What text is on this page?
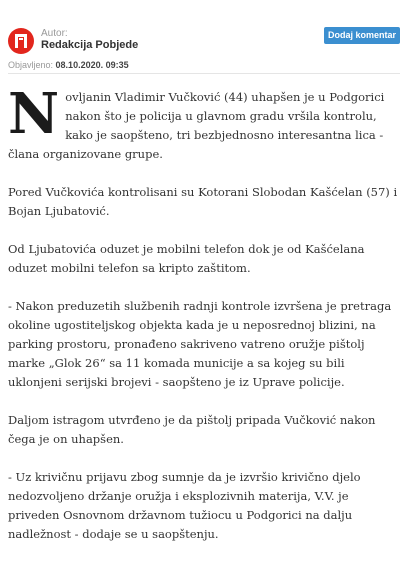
Autor:
Redakcija Pobjede
Dodaj komentar
Objavljeno: 08.10.2020. 09:35

Novljanin Vladimir Vučković (44) uhapšen je u Podgorici nakon što je policija u glavnom gradu vršila kontrolu, kako je saopšteno, tri bezbjednosno interesantna lica - člana organizovane grupe.

Pored Vučkovića kontrolisani su Kotorani Slobodan Kašćelan (57) i Bojan Ljubatović.

Od Ljubatovića oduzet je mobilni telefon dok je od Kašćelana oduzet mobilni telefon sa kripto zaštitom.

- Nakon preduzetih službenih radnji kontrole izvršena je pretraga okoline ugostiteljskog objekta kada je u neposrednoj blizini, na parking prostoru, pronađeno sakriveno vatreno oružje pištolj marke „Glok 26“ sa 11 komada municije a sa kojeg su bili uklonjeni serijski brojevi - saopšteno je iz Uprave policije.

Daljom istragom utvrđeno je da pištolj pripada Vučković nakon čega je on uhapšen.

- Uz krivičnu prijavu zbog sumnje da je izvršio krivično djelo nedozvoljeno držanje oružja i eksplozivnih materija, V.V. je priveden Osnovnom državnom tužiocu u Podgorici na dalju nadležnost - dodaje se u saopštenju.
